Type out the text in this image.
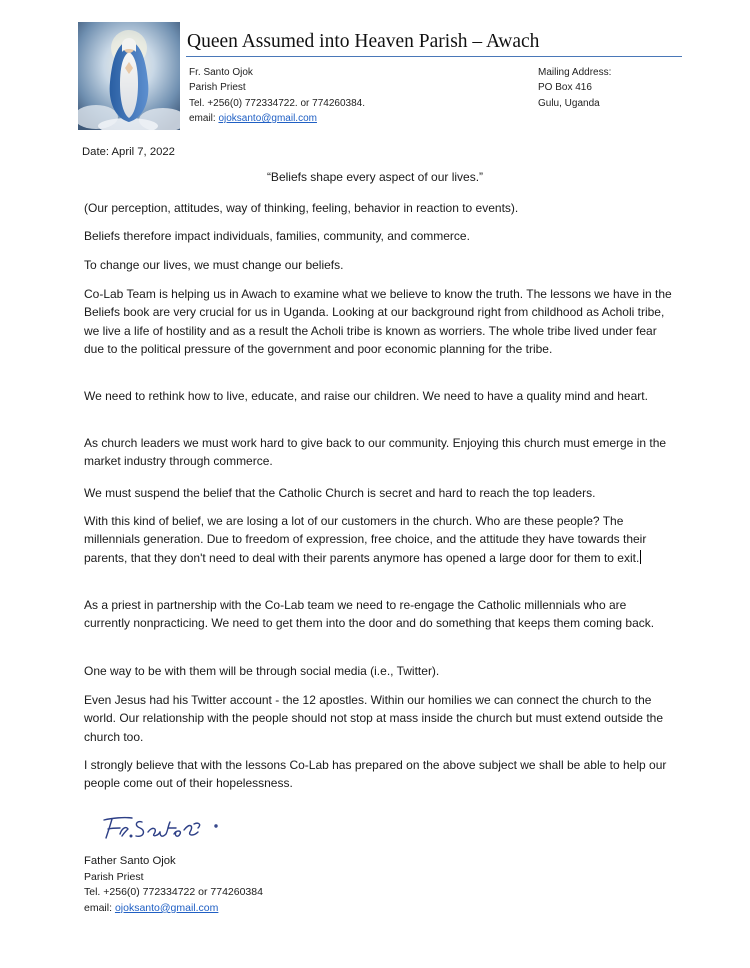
Queen Assumed into Heaven Parish – Awach
Fr. Santo Ojok
Parish Priest
Tel. +256(0) 772334722. or 774260384.
email: ojoksanto@gmail.com
Mailing Address:
PO Box 416
Gulu, Uganda
Date: April 7, 2022
“Beliefs shape every aspect of our lives.”

(Our perception, attitudes, way of thinking, feeling, behavior in reaction to events).

Beliefs therefore impact individuals, families, community, and commerce.

To change our lives, we must change our beliefs.

Co-Lab Team is helping us in Awach to examine what we believe to know the truth. The lessons we have in the Beliefs book are very crucial for us in Uganda. Looking at our background right from childhood as Acholi tribe, we live a life of hostility and as a result the Acholi tribe is known as worriers. The whole tribe lived under fear due to the political pressure of the government and poor economic planning for the tribe.

We need to rethink how to live, educate, and raise our children. We need to have a quality mind and heart.

As church leaders we must work hard to give back to our community. Enjoying this church must emerge in the market industry through commerce.

We must suspend the belief that the Catholic Church is secret and hard to reach the top leaders.

With this kind of belief, we are losing a lot of our customers in the church. Who are these people? The millennials generation. Due to freedom of expression, free choice, and the attitude they have towards their parents, that they don't need to deal with their parents anymore has opened a large door for them to exit.

As a priest in partnership with the Co-Lab team we need to re-engage the Catholic millennials who are currently nonpracticing. We need to get them into the door and do something that keeps them coming back.

One way to be with them will be through social media (i.e., Twitter).

Even Jesus had his Twitter account - the 12 apostles. Within our homilies we can connect the church to the world. Our relationship with the people should not stop at mass inside the church but must extend outside the church too.

I strongly believe that with the lessons Co-Lab has prepared on the above subject we shall be able to help our people come out of their hopelessness.

Father Santo Ojok
Parish Priest
Tel. +256(0) 772334722 or 774260384
email: ojoksanto@gmail.com
